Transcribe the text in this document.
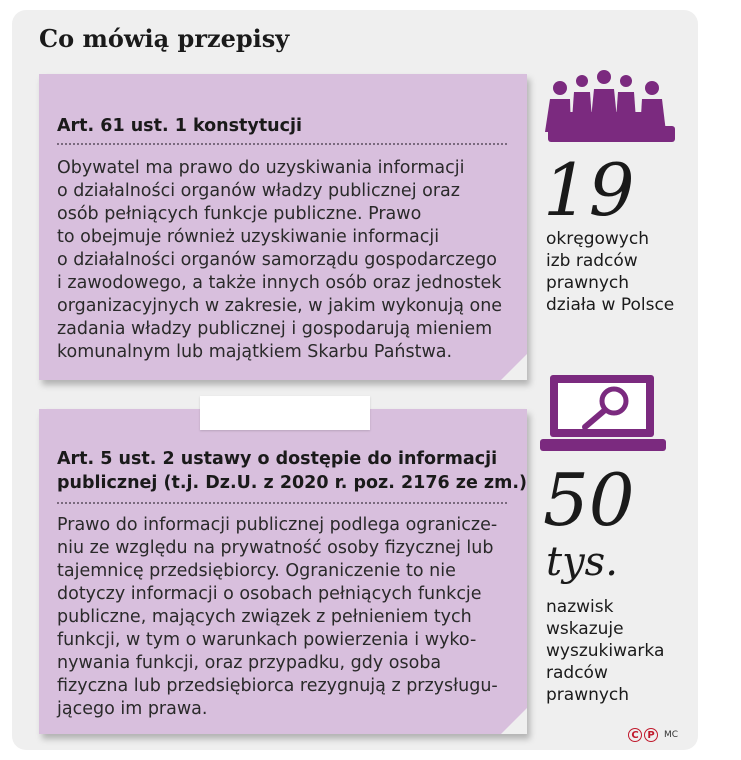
Co mówią przepisy
Art. 61 ust. 1 konstytucji
Obywatel ma prawo do uzyskiwania informacji
o działalności organów władzy publicznej oraz
osób pełniących funkcje publiczne. Prawo
to obejmuje również uzyskiwanie informacji
o działalności organów samorządu gospodarczego
i zawodowego, a także innych osób oraz jednostek
organizacyjnych w zakresie, w jakim wykonują one
zadania władzy publicznej i gospodarują mieniem
komunalnym lub majątkiem Skarbu Państwa.
Art. 5 ust. 2 ustawy o dostępie do informacji
publicznej (t.j. Dz.U. z 2020 r. poz. 2176 ze zm.)
Prawo do informacji publicznej podlega ogranicze-
niu ze względu na prywatność osoby fizycznej lub
tajemnicę przedsiębiorcy. Ograniczenie to nie
dotyczy informacji o osobach pełniących funkcje
publiczne, mających związek z pełnieniem tych
funkcji, w tym o warunkach powierzenia i wyko-
nywania funkcji, oraz przypadku, gdy osoba
fizyczna lub przedsiębiorca rezygnują z przysługu-
jącego im prawa.
19
okręgowych
izb radców
prawnych
działa w Polsce
50
tys.
nazwisk
wskazuje
wyszukiwarka
radców
prawnych
C P	MC
